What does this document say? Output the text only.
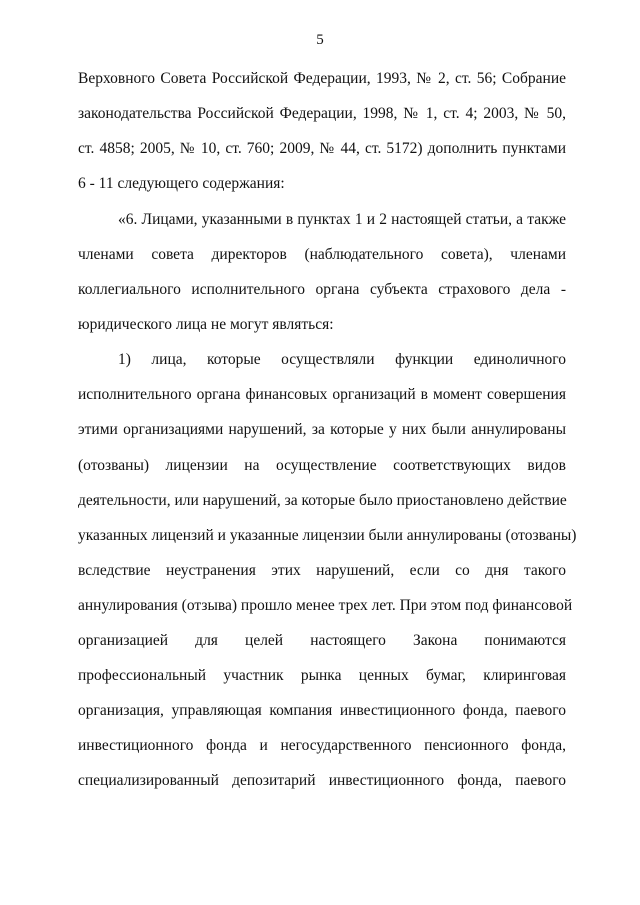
5
Верховного Совета Российской Федерации, 1993, № 2, ст. 56; Собрание
законодательства Российской Федерации, 1998, № 1, ст. 4; 2003, № 50,
ст. 4858; 2005, № 10, ст. 760; 2009, № 44, ст. 5172) дополнить пунктами
6 - 11 следующего содержания:
«6. Лицами, указанными в пунктах 1 и 2 настоящей статьи, а также
членами совета директоров (наблюдательного совета), членами
коллегиального исполнительного органа субъекта страхового дела -
юридического лица не могут являться:
1) лица, которые осуществляли функции единоличного
исполнительного органа финансовых организаций в момент совершения
этими организациями нарушений, за которые у них были аннулированы
(отозваны) лицензии на осуществление соответствующих видов
деятельности, или нарушений, за которые было приостановлено действие
указанных лицензий и указанные лицензии были аннулированы (отозваны)
вследствие неустранения этих нарушений, если со дня такого
аннулирования (отзыва) прошло менее трех лет. При этом под финансовой
организацией для целей настоящего Закона понимаются
профессиональный участник рынка ценных бумаг, клиринговая
организация, управляющая компания инвестиционного фонда, паевого
инвестиционного фонда и негосударственного пенсионного фонда,
специализированный депозитарий инвестиционного фонда, паевого
